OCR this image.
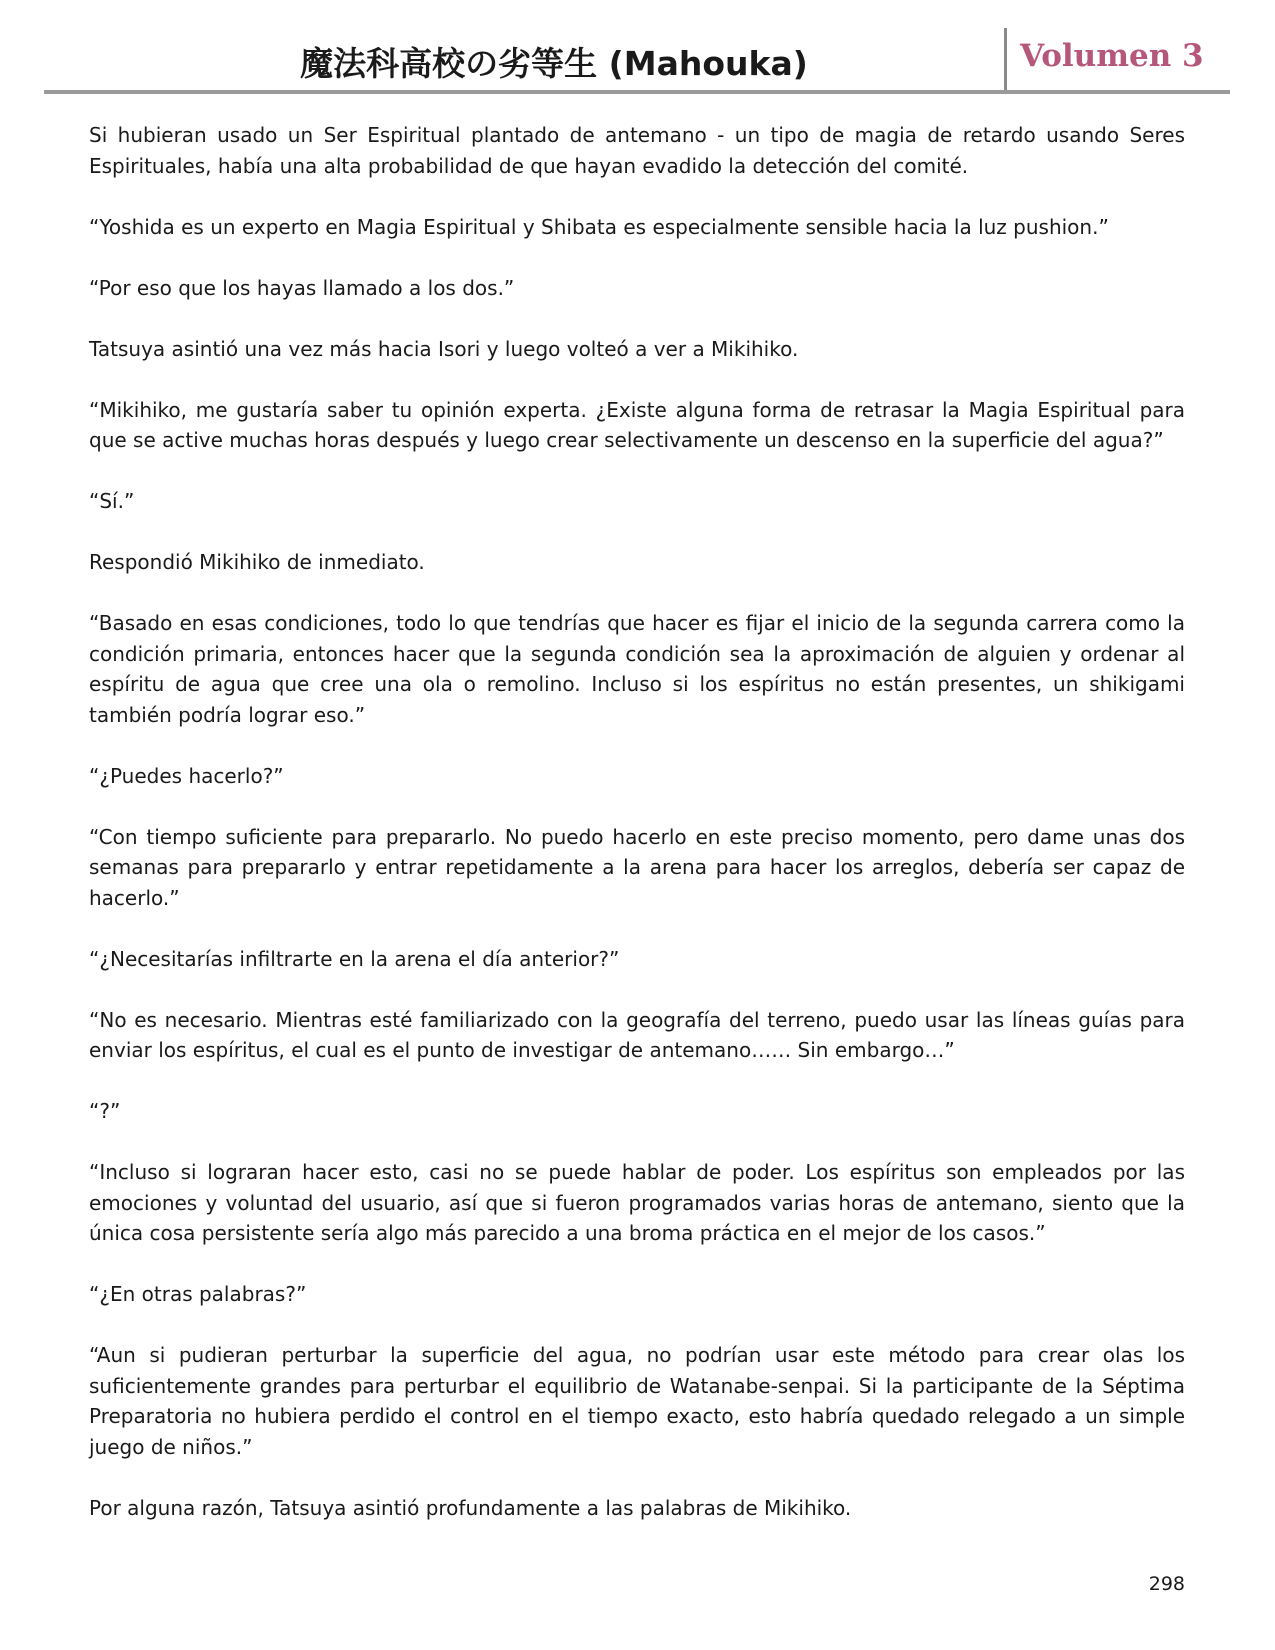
魔法科高校の劣等生 (Mahouka)	Volumen 3

Si hubieran usado un Ser Espiritual plantado de antemano - un tipo de magia de retardo usando Seres Espirituales, había una alta probabilidad de que hayan evadido la detección del comité.

“Yoshida es un experto en Magia Espiritual y Shibata es especialmente sensible hacia la luz pushion.”

“Por eso que los hayas llamado a los dos.”

Tatsuya asintió una vez más hacia Isori y luego volteó a ver a Mikihiko.

“Mikihiko, me gustaría saber tu opinión experta. ¿Existe alguna forma de retrasar la Magia Espiritual para que se active muchas horas después y luego crear selectivamente un descenso en la superficie del agua?”

“Sí.”

Respondió Mikihiko de inmediato.

“Basado en esas condiciones, todo lo que tendrías que hacer es fijar el inicio de la segunda carrera como la condición primaria, entonces hacer que la segunda condición sea la aproximación de alguien y ordenar al espíritu de agua que cree una ola o remolino. Incluso si los espíritus no están presentes, un shikigami también podría lograr eso.”

“¿Puedes hacerlo?”

“Con tiempo suficiente para prepararlo. No puedo hacerlo en este preciso momento, pero dame unas dos semanas para prepararlo y entrar repetidamente a la arena para hacer los arreglos, debería ser capaz de hacerlo.”

“¿Necesitarías infiltrarte en la arena el día anterior?”

“No es necesario. Mientras esté familiarizado con la geografía del terreno, puedo usar las líneas guías para enviar los espíritus, el cual es el punto de investigar de antemano…… Sin embargo…”

“?”

“Incluso si lograran hacer esto, casi no se puede hablar de poder. Los espíritus son empleados por las emociones y voluntad del usuario, así que si fueron programados varias horas de antemano, siento que la única cosa persistente sería algo más parecido a una broma práctica en el mejor de los casos.”

“¿En otras palabras?”

“Aun si pudieran perturbar la superficie del agua, no podrían usar este método para crear olas los suficientemente grandes para perturbar el equilibrio de Watanabe-senpai. Si la participante de la Séptima Preparatoria no hubiera perdido el control en el tiempo exacto, esto habría quedado relegado a un simple juego de niños.”

Por alguna razón, Tatsuya asintió profundamente a las palabras de Mikihiko.

298
